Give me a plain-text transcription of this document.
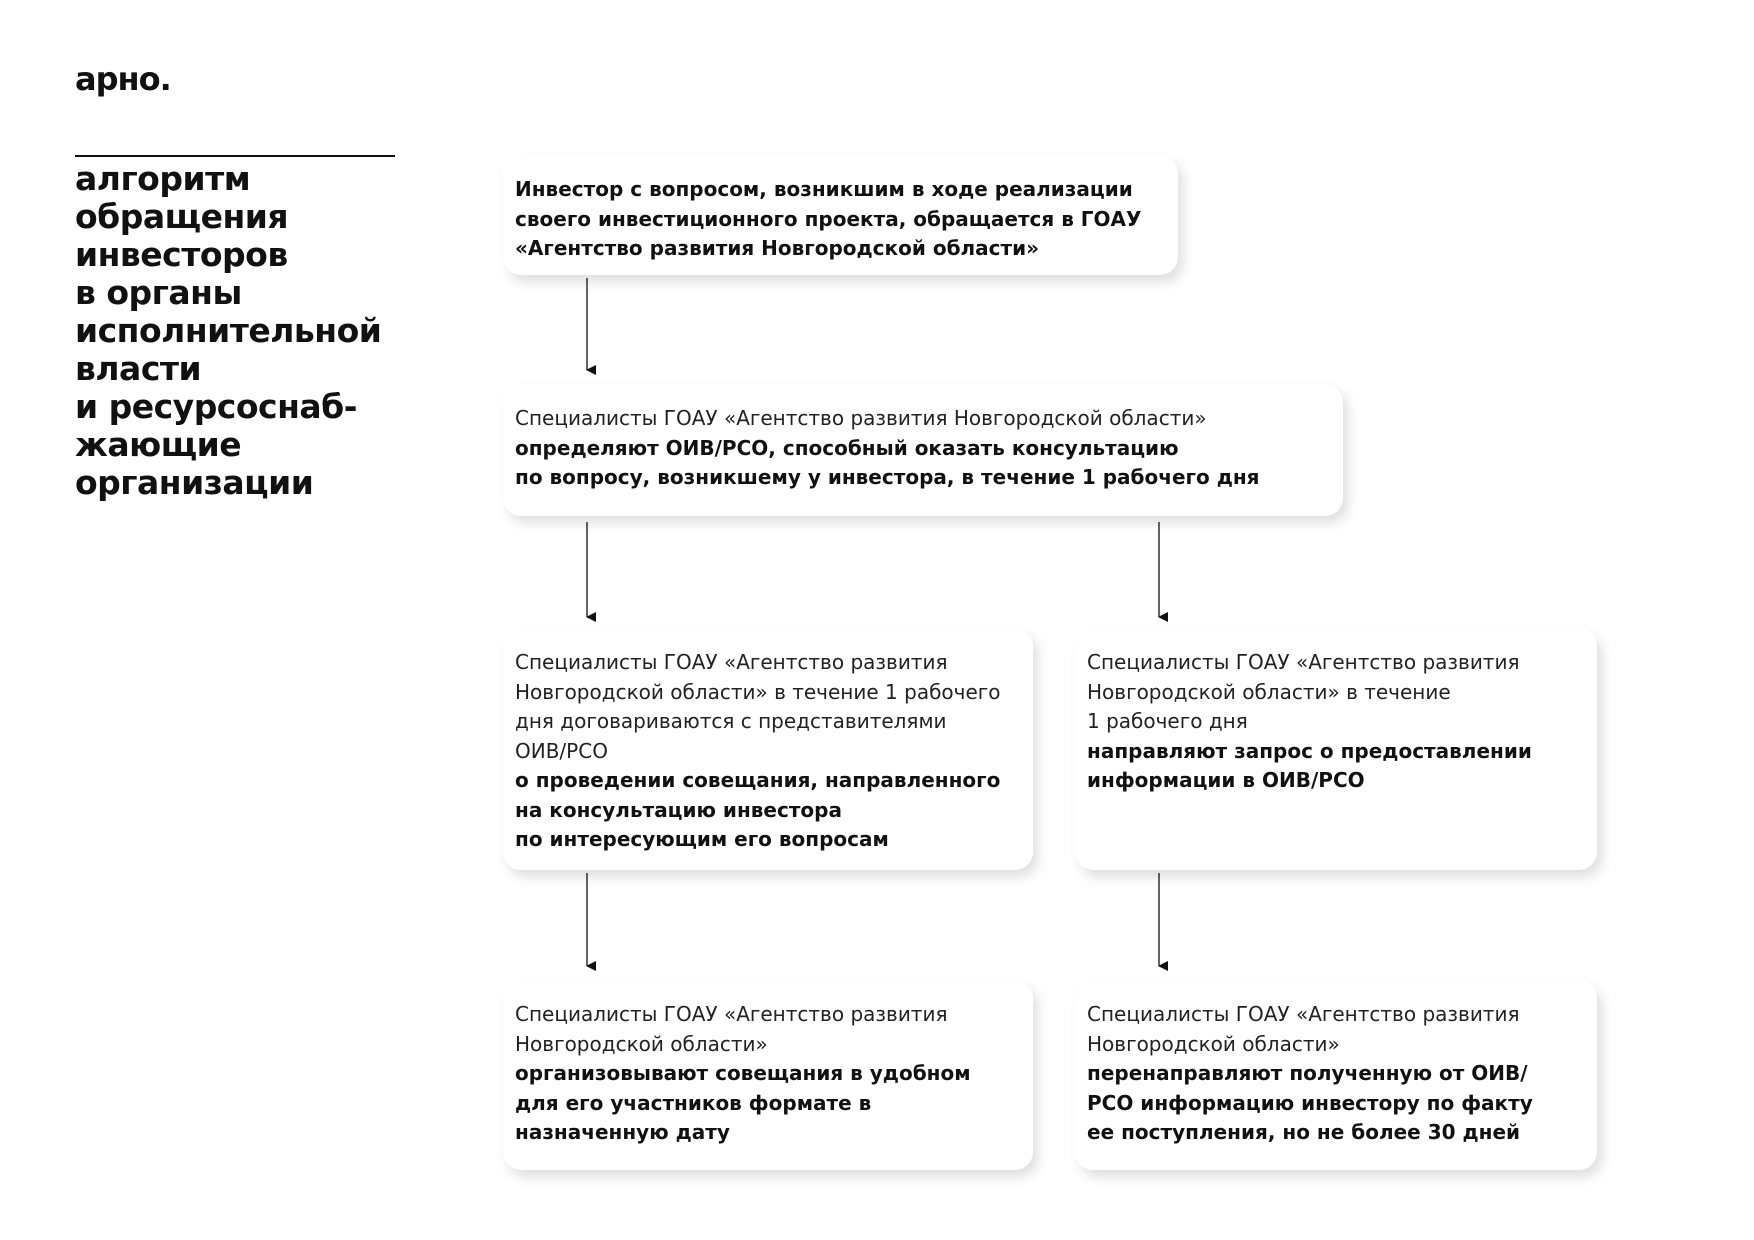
арно.
алгоритм
обращения
инвесторов
в органы
исполнительной
власти
и ресурсоснаб-
жающие
организации
Инвестор с вопросом, возникшим в ходе реализации
своего инвестиционного проекта, обращается в ГОАУ
«Агентство развития Новгородской области»
Специалисты ГОАУ «Агентство развития Новгородской области»
определяют ОИВ/РСО, способный оказать консультацию
по вопросу, возникшему у инвестора, в течение 1 рабочего дня
Специалисты ГОАУ «Агентство развития
Новгородской области» в течение 1 рабочего
дня договариваются с представителями
ОИВ/РСО
о проведении совещания, направленного
на консультацию инвестора
по интересующим его вопросам
Специалисты ГОАУ «Агентство развития
Новгородской области» в течение
1 рабочего дня
направляют запрос о предоставлении
информации в ОИВ/РСО
Специалисты ГОАУ «Агентство развития
Новгородской области»
организовывают совещания в удобном
для его участников формате в
назначенную дату
Специалисты ГОАУ «Агентство развития
Новгородской области»
перенаправляют полученную от ОИВ/
РСО информацию инвестору по факту
ее поступления, но не более 30 дней
